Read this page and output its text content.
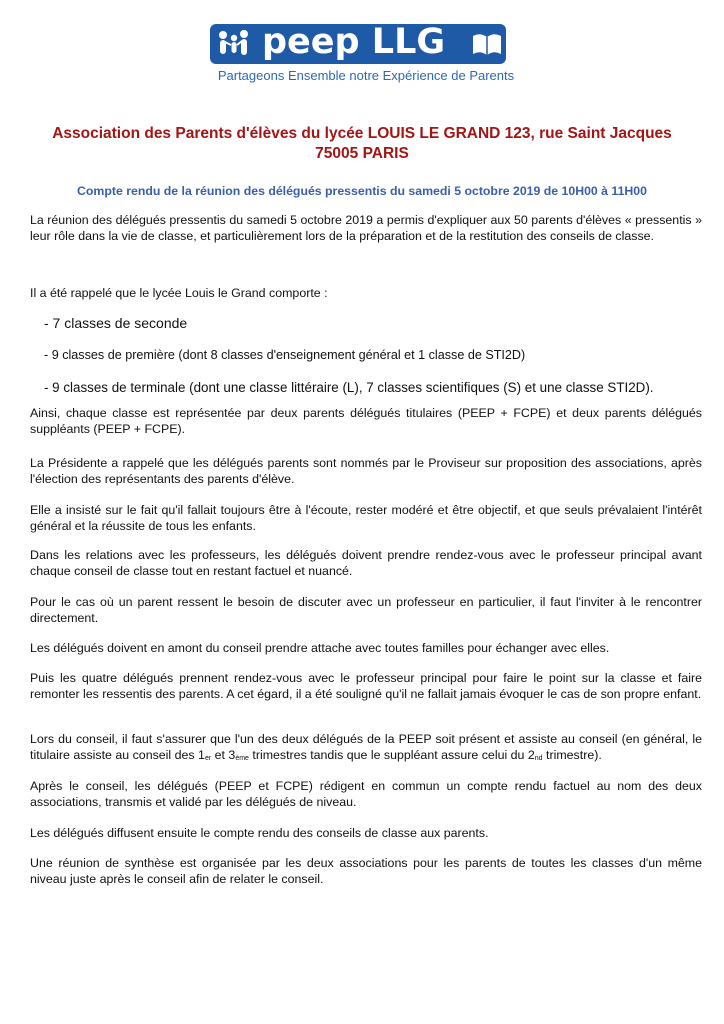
peep LLG
Partageons Ensemble notre Expérience de Parents
Association des Parents d'élèves du lycée LOUIS LE GRAND 123, rue Saint Jacques 75005 PARIS
Compte rendu de la réunion des délégués pressentis du samedi 5 octobre 2019 de 10H00 à 11H00
La réunion des délégués pressentis du samedi 5 octobre 2019 a permis d'expliquer aux 50 parents d'élèves « pressentis » leur rôle dans la vie de classe, et particulièrement lors de la préparation et de la restitution des conseils de classe.
Il a été rappelé que le lycée Louis le Grand comporte :
- 7 classes de seconde
- 9 classes de première (dont 8 classes d'enseignement général et 1 classe de STI2D)
- 9 classes de terminale (dont une classe littéraire (L), 7 classes scientifiques (S) et une classe STI2D).
Ainsi, chaque classe est représentée par deux parents délégués titulaires (PEEP + FCPE) et deux parents délégués suppléants (PEEP + FCPE).
La Présidente a rappelé que les délégués parents sont nommés par le Proviseur sur proposition des associations, après l'élection des représentants des parents d'élève.
Elle a insisté sur le fait qu'il fallait toujours être à l'écoute, rester modéré et être objectif, et que seuls prévalaient l'intérêt général et la réussite de tous les enfants.
Dans les relations avec les professeurs, les délégués doivent prendre rendez-vous avec le professeur principal avant chaque conseil de classe tout en restant factuel et nuancé.
Pour le cas où un parent ressent le besoin de discuter avec un professeur en particulier, il faut l'inviter à le rencontrer directement.
Les délégués doivent en amont du conseil prendre attache avec toutes familles pour échanger avec elles.
Puis les quatre délégués prennent rendez-vous avec le professeur principal pour faire le point sur la classe et faire remonter les ressentis des parents. A cet égard, il a été souligné qu'il ne fallait jamais évoquer le cas de son propre enfant.
Lors du conseil, il faut s'assurer que l'un des deux délégués de la PEEP soit présent et assiste au conseil (en général, le titulaire assiste au conseil des $1_{er}$ et $3_{ème}$ trimestres tandis que le suppléant assure celui du $2_{nd}$ trimestre).
Après le conseil, les délégués (PEEP et FCPE) rédigent en commun un compte rendu factuel au nom des deux associations, transmis et validé par les délégués de niveau.
Les délégués diffusent ensuite le compte rendu des conseils de classe aux parents.
Une réunion de synthèse est organisée par les deux associations pour les parents de toutes les classes d'un même niveau juste après le conseil afin de relater le conseil.
